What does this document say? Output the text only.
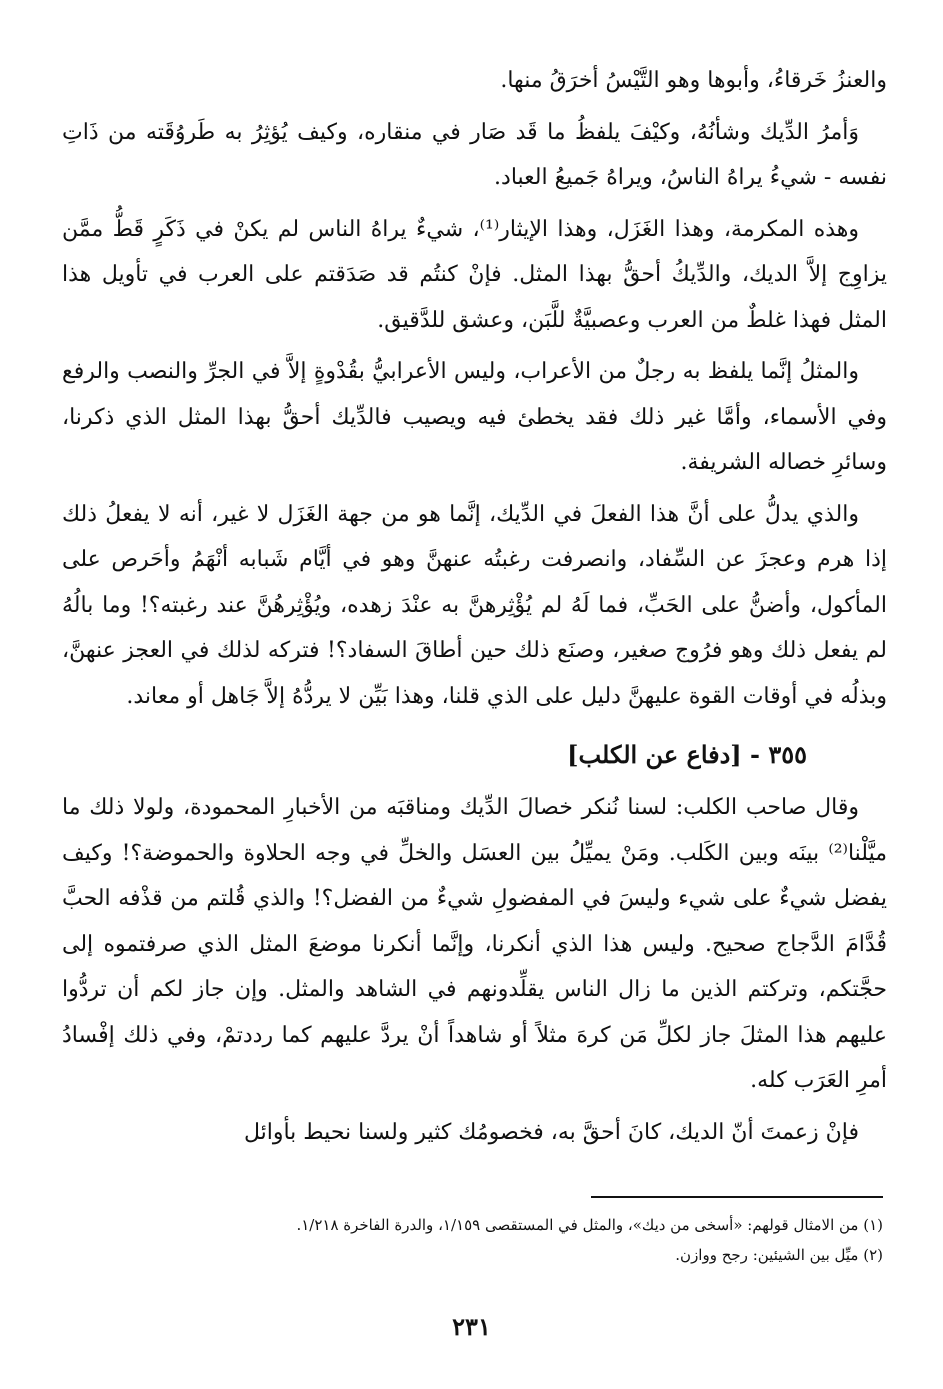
والعنزُ خَرقاءُ، وأبوها وهو التَّيْسُ أخرَقُ منها.

وَأمرُ الدِّيك وشأنُهُ، وكيْفَ يلفظُ ما قَد صَار في منقاره، وكيف يُؤثِرُ به طَروُقَته من ذَاتِ نفسه - شيءُ يراهُ الناسُ، ويراهُ جَميعُ العباد.

وهذه المكرمة، وهذا الغَزَل، وهذا الإيثار⁽¹⁾، شيءٌ يراهُ الناس لم يكنْ في ذَكَرٍ قَطُّ ممَّن يزاوِج إلاَّ الديك، والدِّيكُ أحقُّ بهذا المثل. فإنْ كنتُم قد صَدَقتم على العرب في تأويل هذا المثل فهذا غلطٌ من العرب وعصبيَّةٌ للَّبَن، وعشق للدَّقيق.

والمثلُ إنَّما يلفظ به رجلٌ من الأعراب، وليس الأعرابيُّ بقُدْوةٍ إلاَّ في الجرِّ والنصب والرفع وفي الأسماء، وأمَّا غير ذلك فقد يخطئ فيه ويصيب فالدِّيك أحقُّ بهذا المثل الذي ذكرنا، وسائرِ خصاله الشريفة.

والذي يدلُّ على أنَّ هذا الفعلَ في الدِّيك، إنَّما هو من جهة الغَزَل لا غير، أنه لا يفعلُ ذلك إذا هرم وعجزَ عن السِّفاد، وانصرفت رغبتُه عنهنَّ وهو في أيَّام شَبابه أنْهَمُ وأحَرص على المأكول، وأضنُّ على الحَبِّ، فما لَهُ لم يُؤْثِرهنَّ به عنْدَ زهده، ويُؤْثِرهُنَّ عند رغبته؟! وما بالُهُ لم يفعل ذلك وهو فرُوج صغير، وصنَع ذلك حين أطاقَ السفاد؟! فتركه لذلك في العجز عنهنَّ، وبذلُه في أوقات القوة عليهنَّ دليل على الذي قلنا، وهذا بَيِّن لا يردُّهُ إلاَّ جَاهل أو معاند.

٣٥٥ - [دفاع عن الكلب]

وقال صاحب الكلب: لسنا نُنكر خصالَ الدِّيك ومناقبَه من الأخبارِ المحمودة، ولولا ذلك ما ميَّلْنا⁽²⁾ بينَه وبين الكَلب. ومَنْ يميِّلُ بين العسَل والخلِّ في وجه الحلاوة والحموضة؟! وكيف يفضل شيءٌ على شيء وليسَ في المفضولِ شيءٌ من الفضل؟! والذي قُلتم من قذْفه الحبَّ قُدَّامَ الدَّجاج صحيح. وليس هذا الذي أنكرنا، وإنَّما أنكرنا موضعَ المثل الذي صرفتموه إلى حجَّتكم، وتركتم الذين ما زال الناس يقلِّدونهم في الشاهد والمثل. وإن جاز لكم أن تردُّوا عليهم هذا المثلَ جاز لكلِّ مَن كرهَ مثلاً أو شاهداً أنْ يردَّ عليهم كما رددتمْ، وفي ذلك إفْسادُ أمرِ العَرَب كله.

فإنْ زعمتَ أنّ الديك، كانَ أحقَّ به، فخصومُك كثير ولسنا نحيط بأوائل

(١) من الامثال قولهم: «أسخى من ديك»، والمثل في المستقصى ١/١٥٩، والدرة الفاخرة ١/٢١٨.

(٢) ميِّل بين الشيئين: رجح ووازن.

٢٣١
